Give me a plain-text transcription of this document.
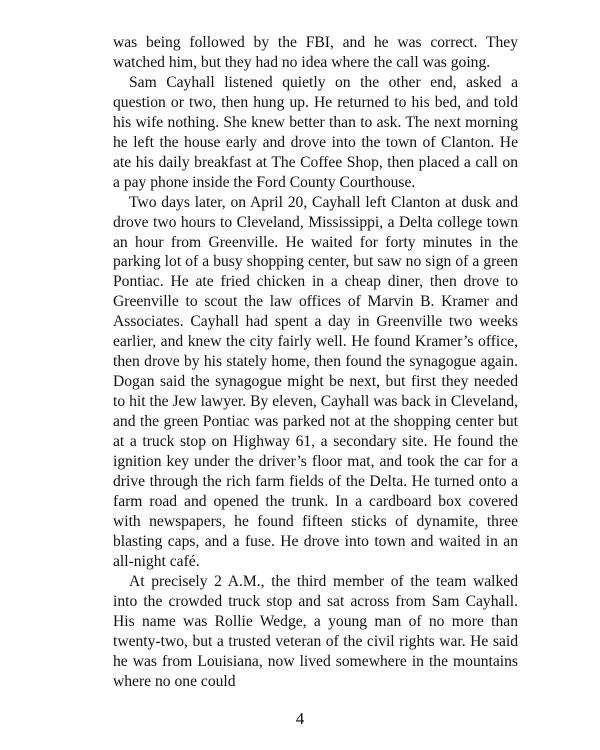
was being followed by the FBI, and he was correct. They watched him, but they had no idea where the call was going.

Sam Cayhall listened quietly on the other end, asked a question or two, then hung up. He returned to his bed, and told his wife nothing. She knew better than to ask. The next morning he left the house early and drove into the town of Clanton. He ate his daily breakfast at The Coffee Shop, then placed a call on a pay phone inside the Ford County Courthouse.

Two days later, on April 20, Cayhall left Clanton at dusk and drove two hours to Cleveland, Mississippi, a Delta college town an hour from Greenville. He waited for forty minutes in the parking lot of a busy shopping center, but saw no sign of a green Pontiac. He ate fried chicken in a cheap diner, then drove to Greenville to scout the law offices of Marvin B. Kramer and Associates. Cayhall had spent a day in Greenville two weeks earlier, and knew the city fairly well. He found Kramer’s office, then drove by his stately home, then found the synagogue again. Dogan said the synagogue might be next, but first they needed to hit the Jew lawyer. By eleven, Cayhall was back in Cleveland, and the green Pontiac was parked not at the shopping center but at a truck stop on Highway 61, a secondary site. He found the ignition key under the driver’s floor mat, and took the car for a drive through the rich farm fields of the Delta. He turned onto a farm road and opened the trunk. In a cardboard box covered with newspapers, he found fifteen sticks of dynamite, three blasting caps, and a fuse. He drove into town and waited in an all-night café.

At precisely 2 A.M., the third member of the team walked into the crowded truck stop and sat across from Sam Cayhall. His name was Rollie Wedge, a young man of no more than twenty-two, but a trusted veteran of the civil rights war. He said he was from Louisiana, now lived somewhere in the mountains where no one could

4
